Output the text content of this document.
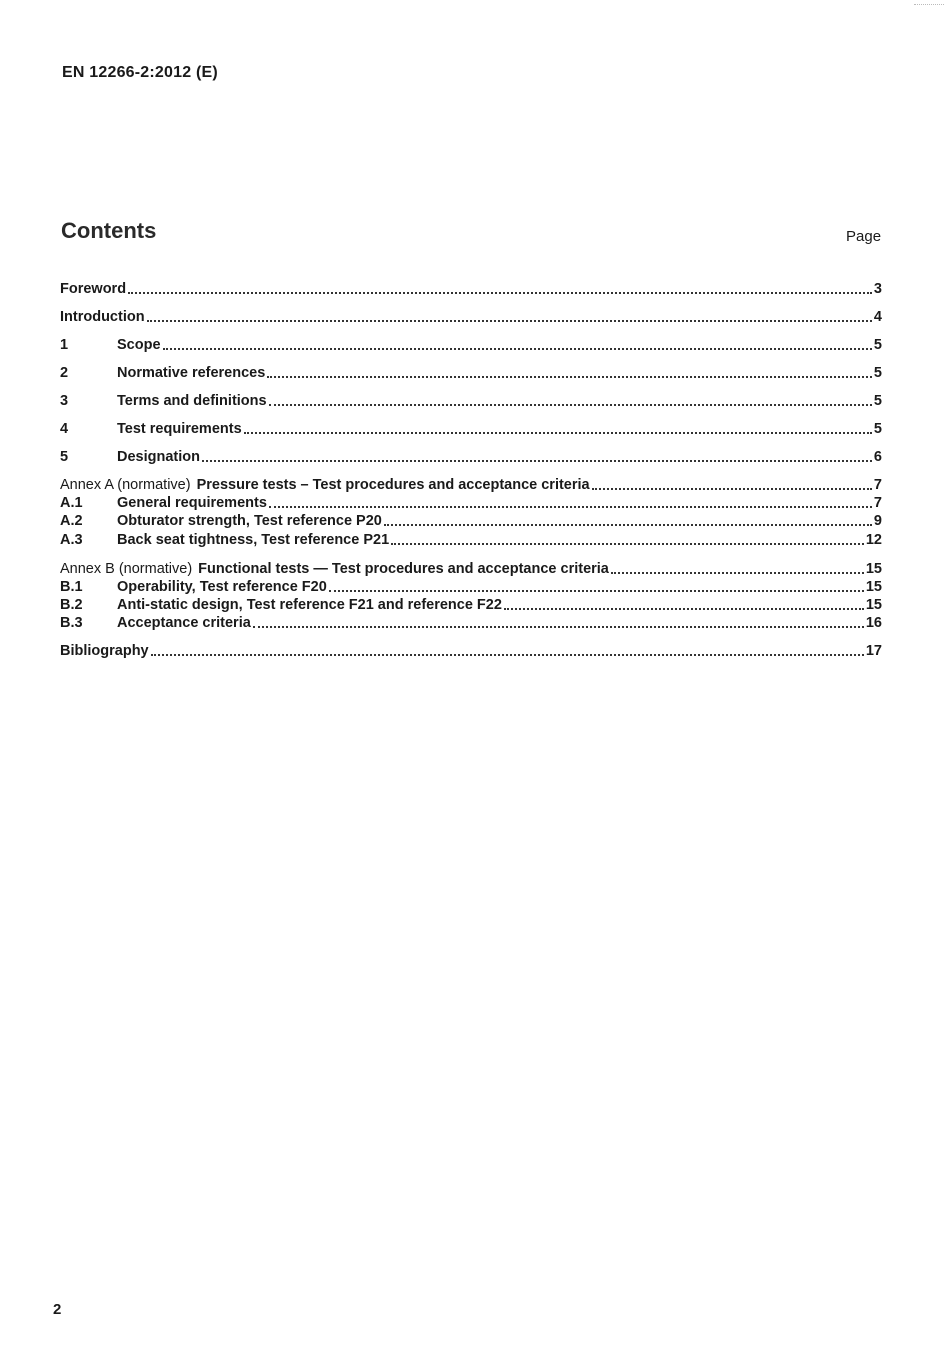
EN 12266-2:2012 (E)
Contents	Page
Foreword	3
Introduction	4
1	Scope	5
2	Normative references	5
3	Terms and definitions	5
4	Test requirements	5
5	Designation	6
Annex A (normative) Pressure tests – Test procedures and acceptance criteria	7
A.1	General requirements	7
A.2	Obturator strength, Test reference P20	9
A.3	Back seat tightness, Test reference P21	12
Annex B (normative) Functional tests — Test procedures and acceptance criteria	15
B.1	Operability, Test reference F20	15
B.2	Anti-static design, Test reference F21 and reference F22	15
B.3	Acceptance criteria	16
Bibliography	17
2
